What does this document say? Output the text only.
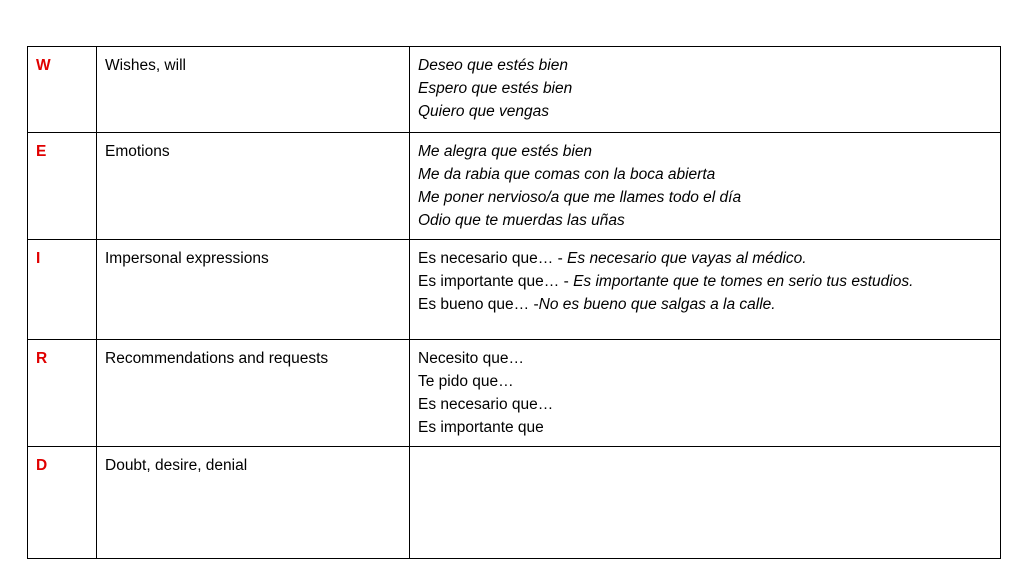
W	Wishes, will	Deseo que estés bien
Espero que estés bien
Quiero que vengas

E	Emotions	Me alegra que estés bien
Me da rabia que comas con la boca abierta
Me poner nervioso/a que me llames todo el día
Odio que te muerdas las uñas

I	Impersonal expressions	Es necesario que… - Es necesario que vayas al médico.
Es importante que… - Es importante que te tomes en serio tus estudios.
Es bueno que… -No es bueno que salgas a la calle.

R	Recommendations and requests	Necesito que…
Te pido que…
Es necesario que…
Es importante que

D	Doubt, desire, denial	
